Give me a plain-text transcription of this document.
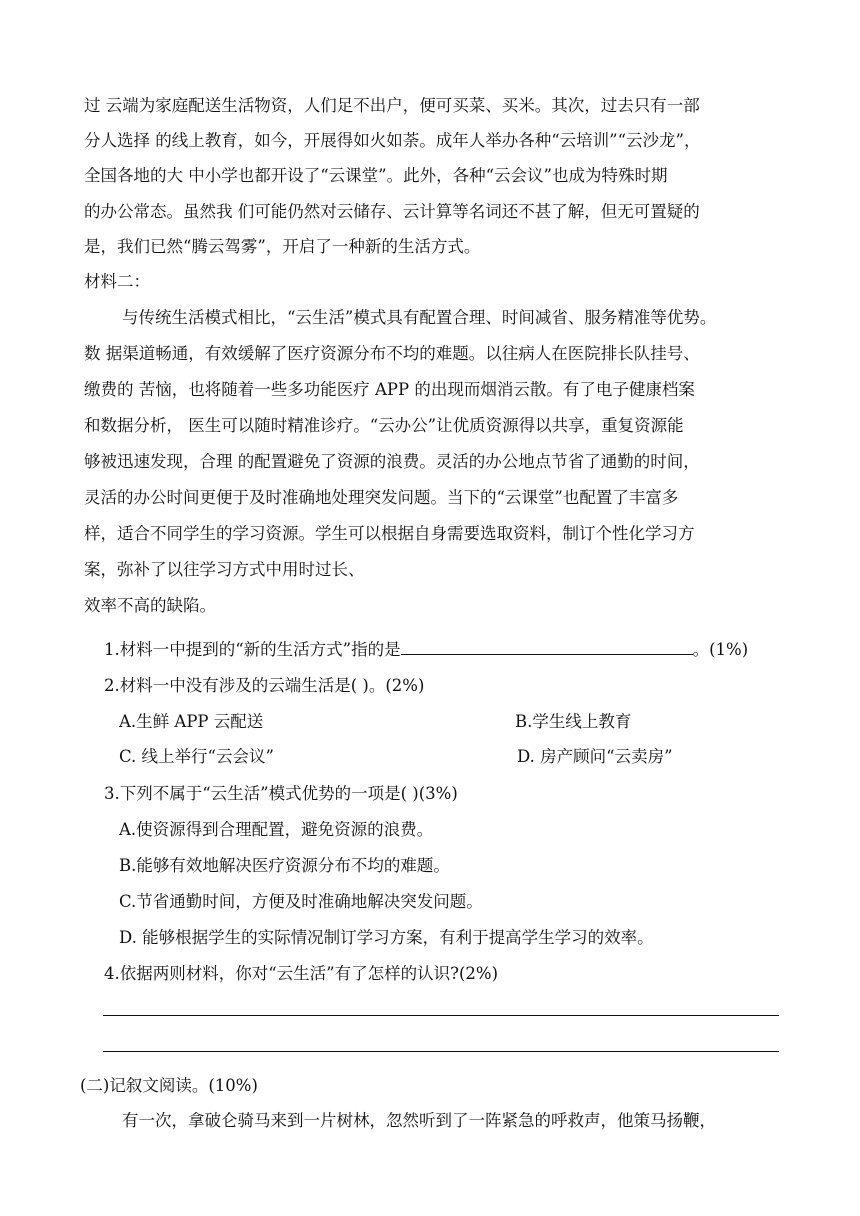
过 云端为家庭配送生活物资，人们足不出户，便可买菜、买米。其次，过去只有一部
分人选择 的线上教育，如今，开展得如火如荼。成年人举办各种“云培训”“云沙龙”，
全国各地的大 中小学也都开设了“云课堂”。此外，各种“云会议”也成为特殊时期
的办公常态。虽然我 们可能仍然对云储存、云计算等名词还不甚了解，但无可置疑的
是，我们已然“腾云驾雾”，开启了一种新的生活方式。
材料二：
与传统生活模式相比，“云生活”模式具有配置合理、时间减省、服务精准等优势。
数 据渠道畅通，有效缓解了医疗资源分布不均的难题。以往病人在医院排长队挂号、
缴费的 苦恼，也将随着一些多功能医疗 APP 的出现而烟消云散。有了电子健康档案
和数据分析， 医生可以随时精准诊疗。“云办公”让优质资源得以共享，重复资源能
够被迅速发现，合理 的配置避免了资源的浪费。灵活的办公地点节省了通勤的时间，
灵活的办公时间更便于及时准确地处理突发问题。当下的“云课堂”也配置了丰富多
样，适合不同学生的学习资源。学生可以根据自身需要选取资料，制订个性化学习方
案，弥补了以往学习方式中用时过长、
效率不高的缺陷。
1.材料一中提到的“新的生活方式”指的是	。(1%)
2.材料一中没有涉及的云端生活是( )。(2%)
A.生鲜 APP 云配送	B.学生线上教育
C. 线上举行“云会议”	D. 房产顾问“云卖房”
3.下列不属于“云生活”模式优势的一项是( )(3%)
A.使资源得到合理配置，避免资源的浪费。
B.能够有效地解决医疗资源分布不均的难题。
C.节省通勤时间，方便及时准确地解决突发问题。
D. 能够根据学生的实际情况制订学习方案，有利于提高学生学习的效率。
4.依据两则材料，你对“云生活”有了怎样的认识?(2%)
(二)记叙文阅读。(10%)
有一次，拿破仑骑马来到一片树林，忽然听到了一阵紧急的呼救声，他策马扬鞭，
